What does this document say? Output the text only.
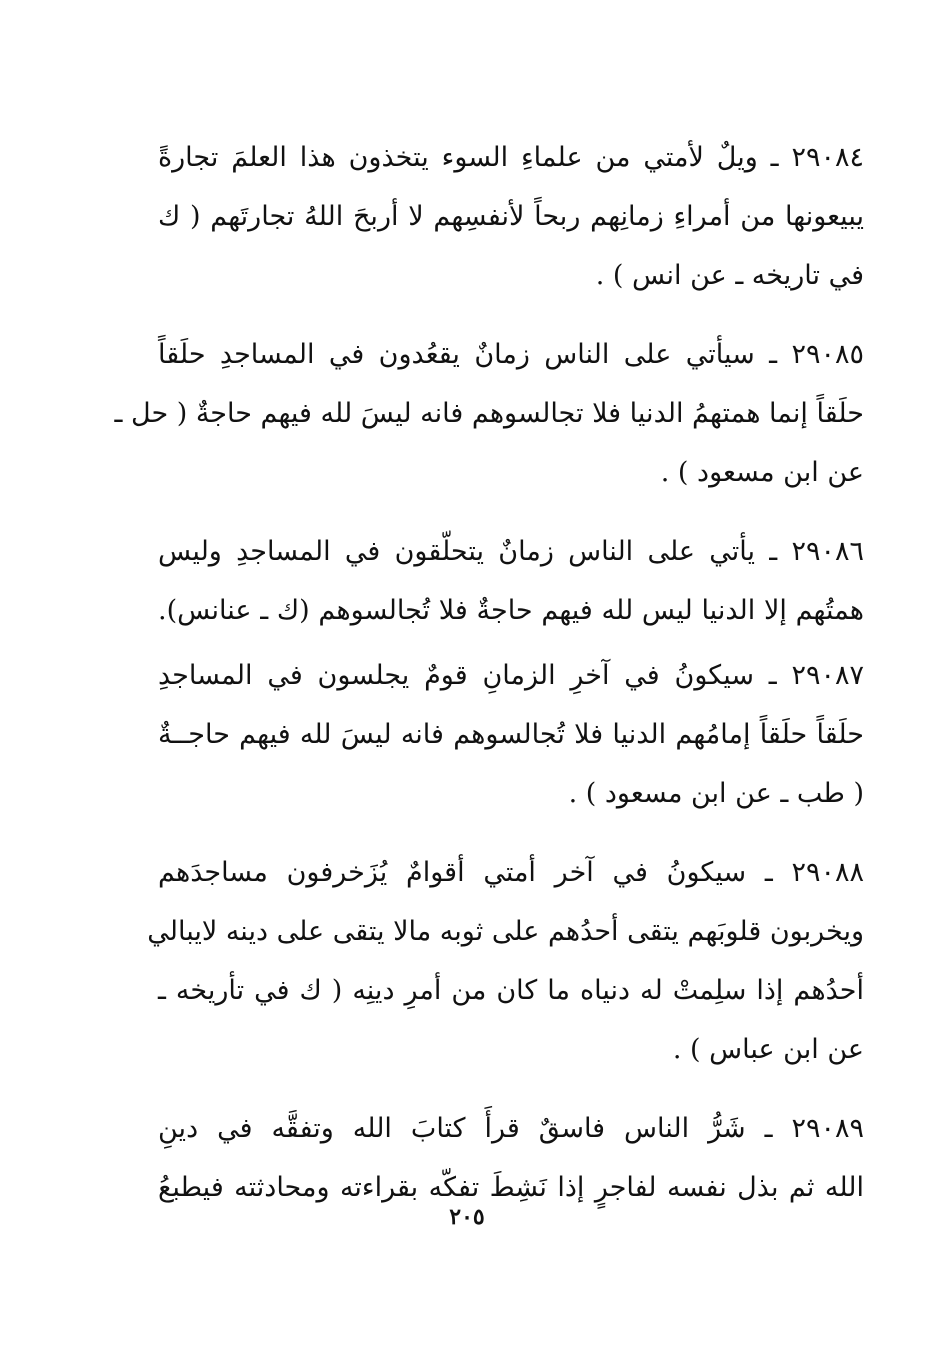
٢٩٠٨٤ ـ ويلٌ لأمتي من علماءِ السوء يتخذون هذا العلمَ تجارةً
يبيعونها من أمراءِ زمانِهم ربحاً لأنفسِهم لا أربحَ اللهُ تجارتَهم ( ك
في تاريخه ـ عن انس ) .
٢٩٠٨٥ ـ سيأتي على الناس زمانٌ يقعُدون في المساجدِ حلَقاً
حلَقاً إنما همتهمُ الدنيا فلا تجالسوهم فانه ليسَ لله فيهم حاجةٌ ( حل ـ
عن ابن مسعود ) .
٢٩٠٨٦ ـ يأتي على الناس زمانٌ يتحلّقون في المساجدِ وليس
همتُهم إلا الدنيا ليس لله فيهم حاجةٌ فلا تُجالسوهم (ك ـ عنانس).
٢٩٠٨٧ ـ سيكونُ في آخرِ الزمانِ قومٌ يجلسون في المساجدِ
حلَقاً حلَقاً إمامُهم الدنيا فلا تُجالسوهم فانه ليسَ لله فيهم حاجــةٌ
( طب ـ عن ابن مسعود ) .
٢٩٠٨٨ ـ سيكونُ في آخر أمتي أقوامٌ يُزَخرفون مساجدَهم
ويخربون قلوبَهم يتقى أحدُهم على ثوبه مالا يتقى على دينه لايبالي
أحدُهم إذا سلِمتْ له دنياه ما كان من أمرِ دينِه ( ك في تأريخه ـ
عن ابن عباس ) .
٢٩٠٨٩ ـ شَرُّ الناس فاسقٌ قرأَ كتابَ الله وتفقَّه في دينِ
الله ثم بذل نفسه لفاجرٍ إذا نَشِطَ تفكّه بقراءته ومحادثته فيطبعُ
٢٠٥
